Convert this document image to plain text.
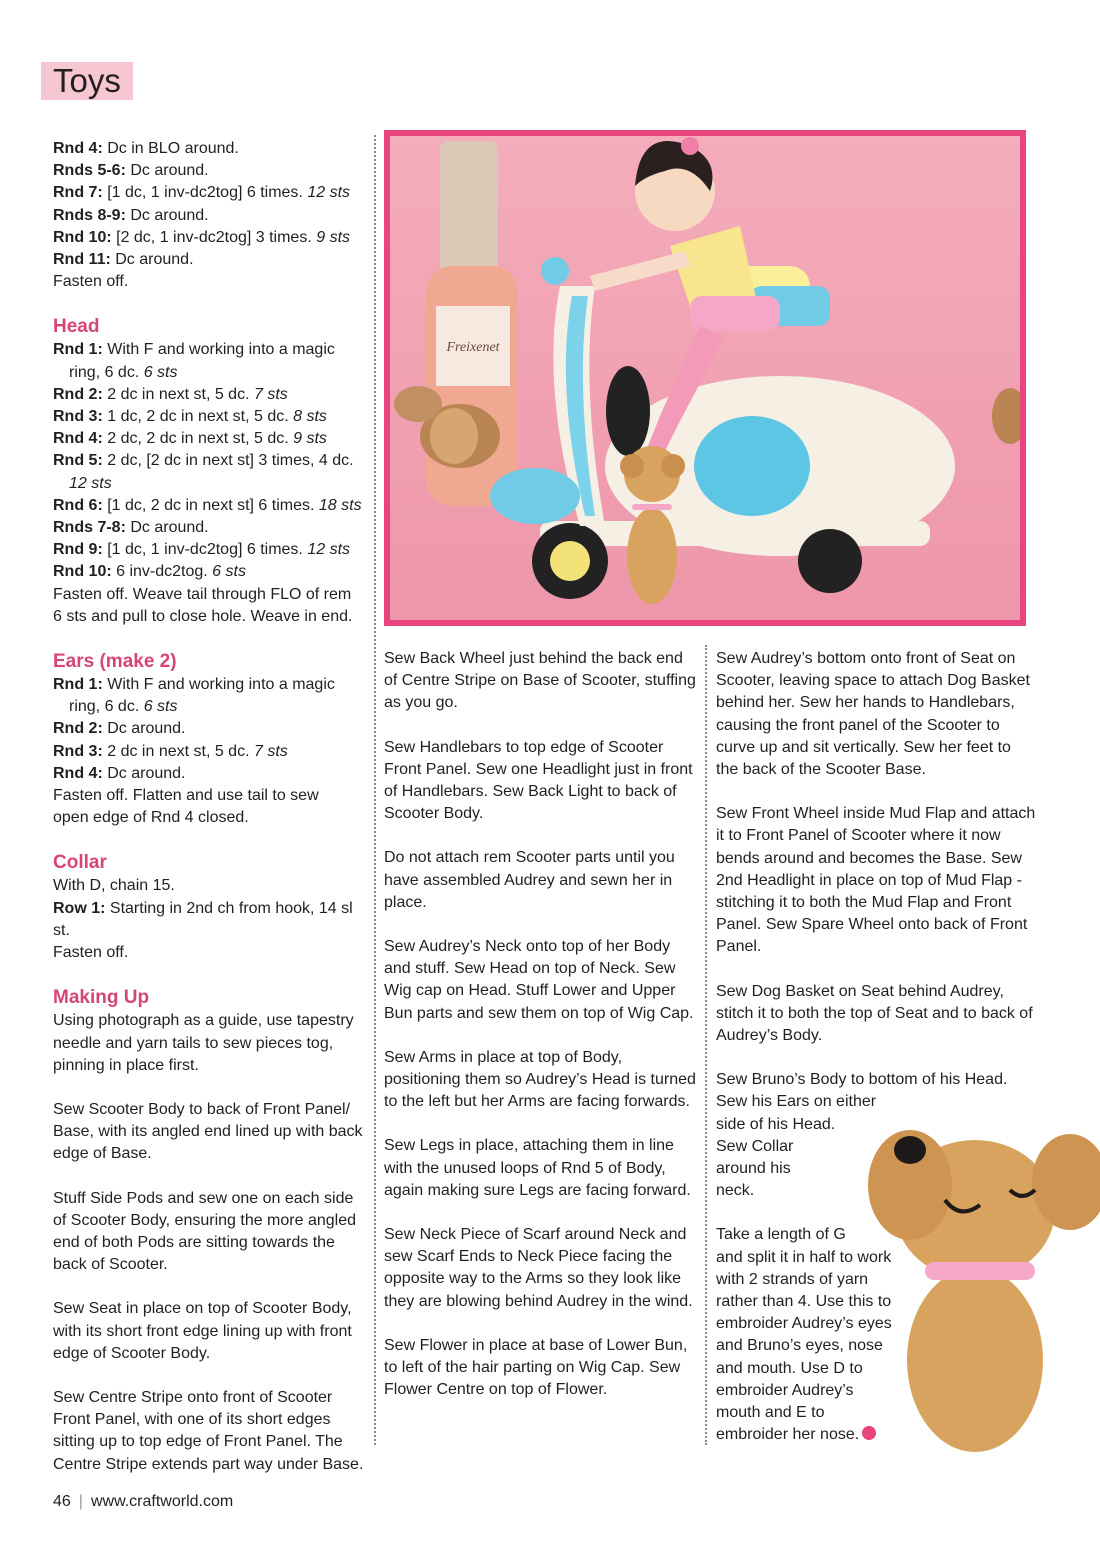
Toys

Rnd 4: Dc in BLO around.

Rnds 5-6: Dc around.

Rnd 7: [1 dc, 1 inv-dc2tog] 6 times. 12 sts

Rnds 8-9: Dc around.

Rnd 10: [2 dc, 1 inv-dc2tog] 3 times. 9 sts

Rnd 11: Dc around.

Fasten off.

Head

Rnd 1: With F and working into a magic

ring, 6 dc. 6 sts

Rnd 2: 2 dc in next st, 5 dc. 7 sts

Rnd 3: 1 dc, 2 dc in next st, 5 dc. 8 sts

Rnd 4: 2 dc, 2 dc in next st, 5 dc. 9 sts

Rnd 5: 2 dc, [2 dc in next st] 3 times, 4 dc.

12 sts

Rnd 6: [1 dc, 2 dc in next st] 6 times. 18 sts

Rnds 7-8: Dc around.

Rnd 9: [1 dc, 1 inv-dc2tog] 6 times. 12 sts

Rnd 10: 6 inv-dc2tog. 6 sts

Fasten off. Weave tail through FLO of rem

6 sts and pull to close hole. Weave in end.

Ears (make 2)

Rnd 1: With F and working into a magic

ring, 6 dc. 6 sts

Rnd 2: Dc around.

Rnd 3: 2 dc in next st, 5 dc. 7 sts

Rnd 4: Dc around.

Fasten off. Flatten and use tail to sew

open edge of Rnd 4 closed.

Collar

With D, chain 15.

Row 1: Starting in 2nd ch from hook, 14 sl st.

Fasten off.

Making Up

Using photograph as a guide, use tapestry needle and yarn tails to sew pieces tog, pinning in place first.

Sew Scooter Body to back of Front Panel/ Base, with its angled end lined up with back edge of Base.

Stuff Side Pods and sew one on each side of Scooter Body, ensuring the more angled end of both Pods are sitting towards the back of Scooter.

Sew Seat in place on top of Scooter Body, with its short front edge lining up with front edge of Scooter Body.

Sew Centre Stripe onto front of Scooter Front Panel, with one of its short edges sitting up to top edge of Front Panel. The Centre Stripe extends part way under Base.

Freixenet

Sew Back Wheel just behind the back end of Centre Stripe on Base of Scooter, stuffing as you go.

Sew Handlebars to top edge of Scooter Front Panel. Sew one Headlight just in front of Handlebars. Sew Back Light to back of Scooter Body.

Do not attach rem Scooter parts until you have assembled Audrey and sewn her in place.

Sew Audrey’s Neck onto top of her Body and stuff. Sew Head on top of Neck. Sew Wig cap on Head. Stuff Lower and Upper Bun parts and sew them on top of Wig Cap.

Sew Arms in place at top of Body, positioning them so Audrey’s Head is turned to the left but her Arms are facing forwards.

Sew Legs in place, attaching them in line with the unused loops of Rnd 5 of Body, again making sure Legs are facing forward.

Sew Neck Piece of Scarf around Neck and sew Scarf Ends to Neck Piece facing the opposite way to the Arms so they look like they are blowing behind Audrey in the wind.

Sew Flower in place at base of Lower Bun, to left of the hair parting on Wig Cap. Sew Flower Centre on top of Flower.

Sew Audrey’s bottom onto front of Seat on Scooter, leaving space to attach Dog Basket behind her. Sew her hands to Handlebars, causing the front panel of the Scooter to curve up and sit vertically. Sew her feet to the back of the Scooter Base.

Sew Front Wheel inside Mud Flap and attach it to Front Panel of Scooter where it now bends around and becomes the Base. Sew 2nd Headlight in place on top of Mud Flap - stitching it to both the Mud Flap and Front Panel. Sew Spare Wheel onto back of Front Panel.

Sew Dog Basket on Seat behind Audrey, stitch it to both the top of Seat and to back of Audrey’s Body.

Sew Bruno’s Body to bottom of his Head.

Sew his Ears on either

side of his Head.

Sew Collar

around his

neck.

Take a length of G

and split it in half to work

with 2 strands of yarn

rather than 4. Use this to

embroider Audrey’s eyes

and Bruno’s eyes, nose

and mouth. Use D to

embroider Audrey’s

mouth and E to

embroider her nose.

46 | www.craftworld.com
